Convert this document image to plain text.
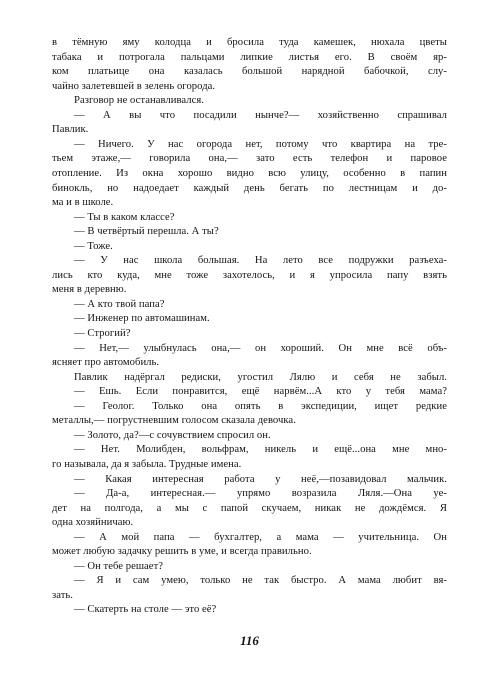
в тёмную яму колодца и бросила туда камешек, нюхала цветы
табака и потрогала пальцами липкие листья его. В своём яр-
ком платьице она казалась большой нарядной бабочкой, слу-
чайно залетевшей в зелень огорода.
Разговор не останавливался.
— А вы что посадили нынче?— хозяйственно спрашивал
Павлик.
— Ничего. У нас огорода нет, потому что квартира на тре-
тьем этаже,— говорила она,— зато есть телефон и паровое
отопление. Из окна хорошо видно всю улицу, особенно в папин
бинокль, но надоедает каждый день бегать по лестницам и до-
ма и в школе.
— Ты в каком классе?
— В четвёртый перешла. А ты?
— Тоже.
— У нас школа большая. На лето все подружки разъеха-
лись кто куда, мне тоже захотелось, и я упросила папу взять
меня в деревню.
— А кто твой папа?
— Инженер по автомашинам.
— Строгий?
— Нет,— улыбнулась она,— он хороший. Он мне всё объ-
ясняет про автомобиль.
Павлик надёргал редиски, угостил Лялю и себя не забыл.
— Ешь. Если понравится, ещё нарвём...А кто у тебя мама?
— Геолог. Только она опять в экспедиции, ищет редкие
металлы,— погрустневшим голосом сказала девочка.
— Золото, да?—с сочувствием спросил он.
— Нет. Молибден, вольфрам, никель и ещё...она мне мно-
го называла, да я забыла. Трудные имена.
— Какая интересная работа у неё,—позавидовал мальчик.
— Да-а, интересная.— упрямо возразила Ляля.—Она уе-
дет на полгода, а мы с папой скучаем, никак не дождёмся. Я
одна хозяйничаю.
— А мой папа — бухгалтер, а мама — учительница. Он
может любую задачку решить в уме, и всегда правильно.
— Он тебе решает?
— Я и сам умею, только не так быстро. А мама любит вя-
зать.
— Скатерть на столе — это её?
116
